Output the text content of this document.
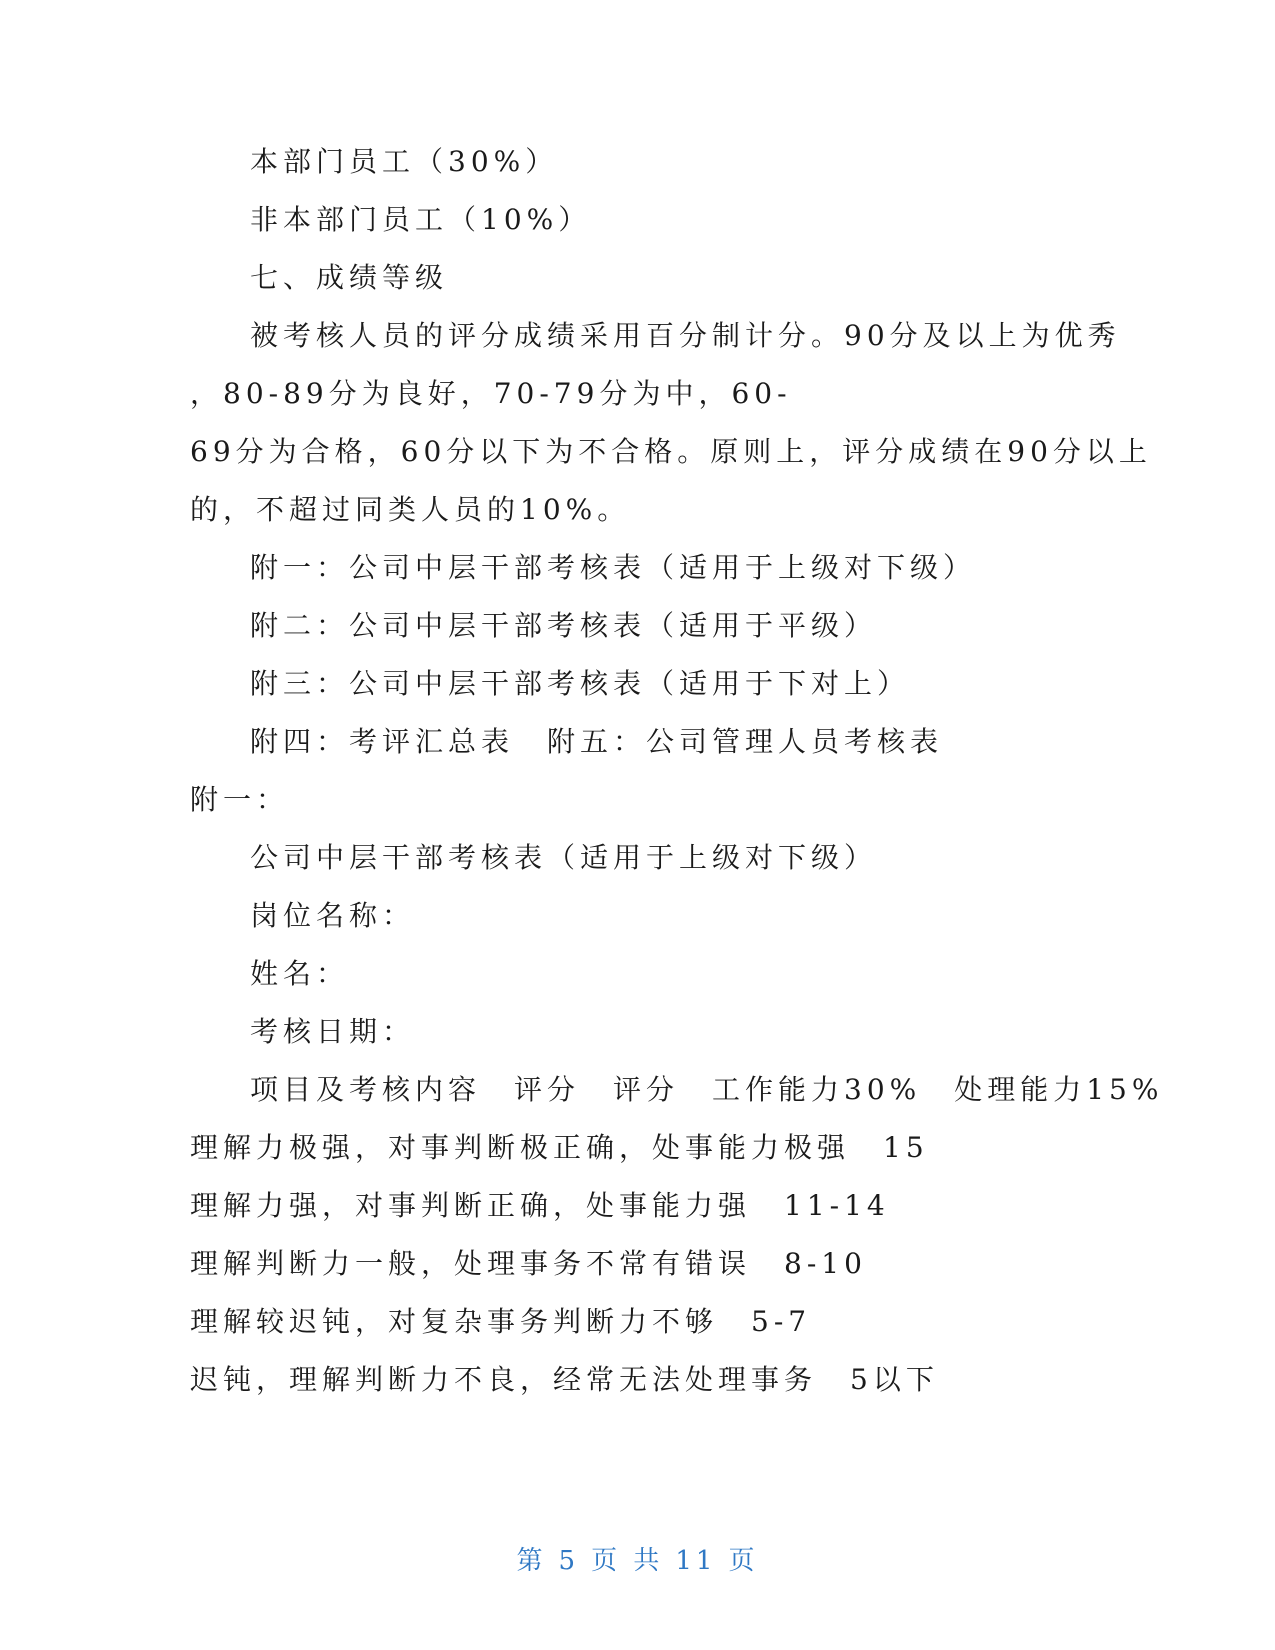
本部门员工（30%）
非本部门员工（10%）
七、成绩等级
被考核人员的评分成绩采用百分制计分。90分及以上为优秀
，80-89分为良好，70-79分为中，60-
69分为合格，60分以下为不合格。原则上，评分成绩在90分以上
的，不超过同类人员的10%。
附一：公司中层干部考核表（适用于上级对下级）
附二：公司中层干部考核表（适用于平级）
附三：公司中层干部考核表（适用于下对上）
附四：考评汇总表　附五：公司管理人员考核表
附一：
公司中层干部考核表（适用于上级对下级）
岗位名称：
姓名：
考核日期：
项目及考核内容　评分　评分　工作能力30%　处理能力15%
理解力极强，对事判断极正确，处事能力极强　15
理解力强，对事判断正确，处事能力强　11-14
理解判断力一般，处理事务不常有错误　8-10
理解较迟钝，对复杂事务判断力不够　5-7
迟钝，理解判断力不良，经常无法处理事务　5以下
第 5 页 共 11 页
